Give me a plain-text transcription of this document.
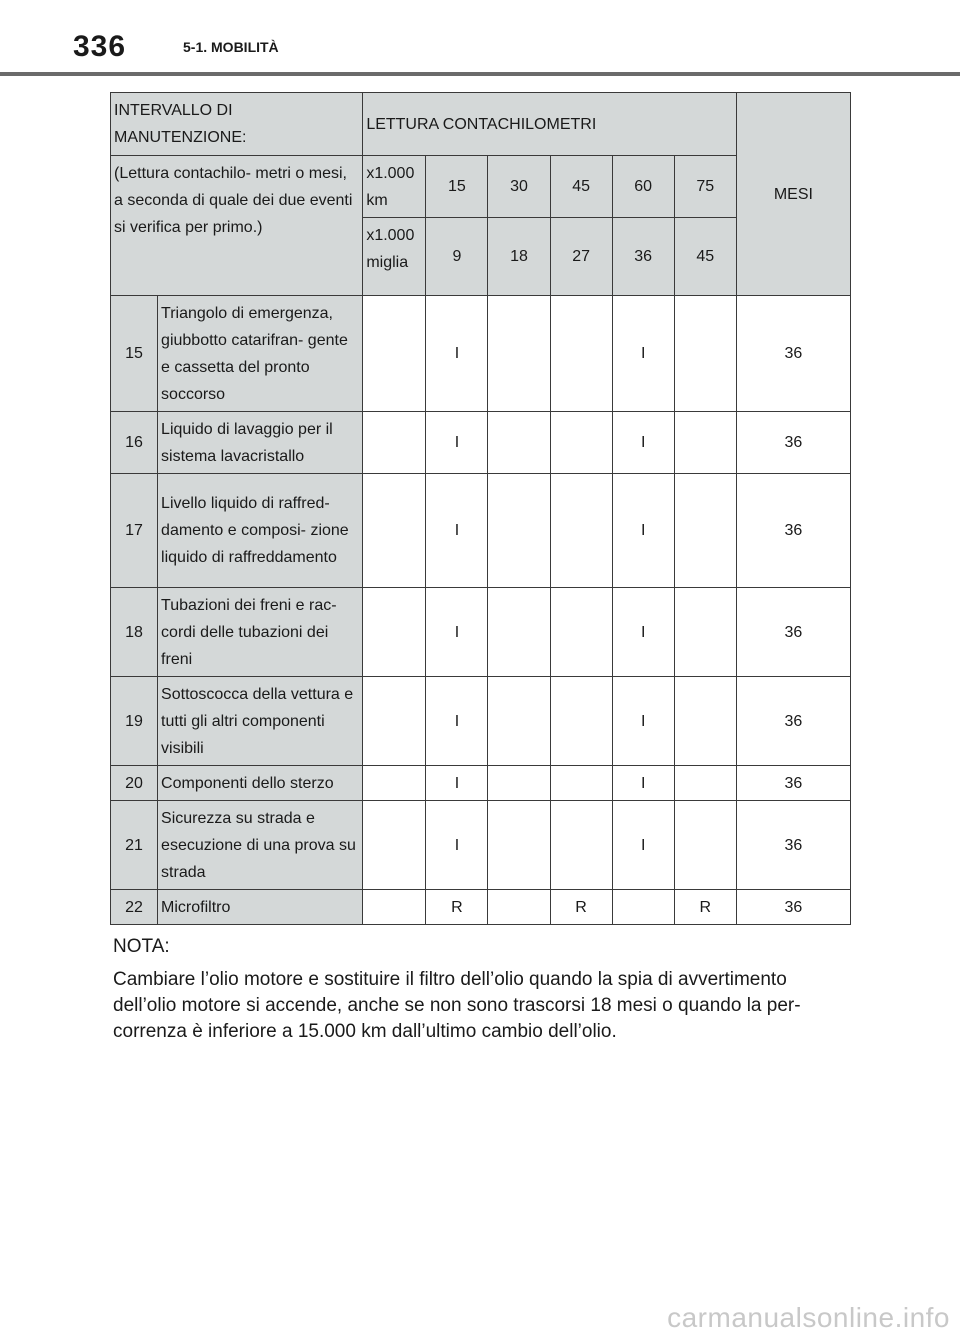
336	5-1. MOBILITÀ
INTERVALLO DI MANUTENZIONE:		LETTURA CONTACHILOMETRI						MESI
(Lettura contachilo- metri o mesi, a seconda di quale dei due eventi si verifica per primo.)		x1.000 km	15	30	45	60	75	
		x1.000 miglia	9	18	27	36	45	
15	Triangolo di emergenza, giubbotto catarifran- gente e cassetta del pronto soccorso		I			I		36
16	Liquido di lavaggio per il sistema lavacristallo		I			I		36
17	Livello liquido di raffred- damento e composi- zione liquido di raffreddamento		I			I		36
18	Tubazioni dei freni e rac- cordi delle tubazioni dei freni		I			I		36
19	Sottoscocca della vettura e tutti gli altri componenti visibili		I			I		36
20	Componenti dello sterzo		I			I		36
21	Sicurezza su strada e esecuzione di una prova su strada		I			I		36
22	Microfiltro		R		R		R	36

NOTA:

Cambiare l’olio motore e sostituire il filtro dell’olio quando la spia di avvertimento dell’olio motore si accende, anche se non sono trascorsi 18 mesi o quando la per- correnza è inferiore a 15.000 km dall’ultimo cambio dell’olio.

carmanualsonline.info
